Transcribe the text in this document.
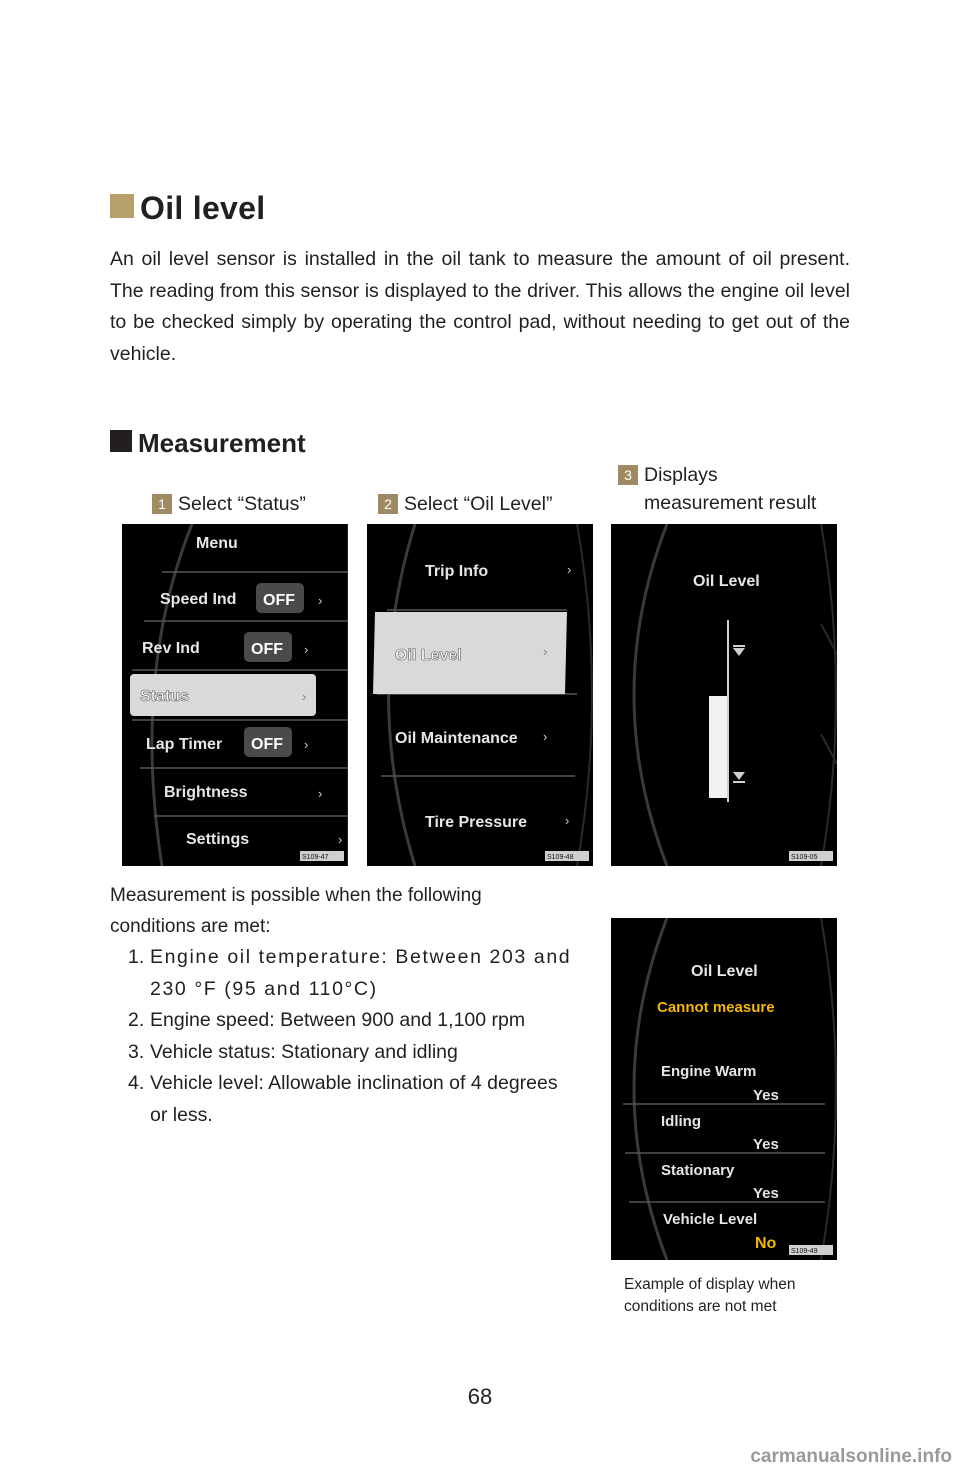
Oil level
An oil level sensor is installed in the oil tank to measure the amount of oil present. The reading from this sensor is displayed to the driver. This allows the engine oil level to be checked simply by operating the control pad, without needing to get out of the vehicle.
Measurement
1 Select “Status”	2 Select “Oil Level”
3 Displays
measurement result
Menu
Speed Ind OFF ›
Rev Ind	OFF ›
Status	›
Lap Timer OFF ›
Brightness	›
Settings	›
S109-47
Trip Info	›
Oil Level	›
Oil Maintenance ›
Tire Pressure	›
S109-48
Oil Level
S109-05
Measurement is possible when the following
conditions are met:
1. Engine oil temperature: Between 203 and 230 °F (95 and 110°C)
2. Engine speed: Between 900 and 1,100 rpm
3. Vehicle status: Stationary and idling
4. Vehicle level: Allowable inclination of 4 degrees or less.
Oil Level
Cannot measure
Engine Warm
Yes
Idling
Yes
Stationary
Yes
Vehicle Level
No S109-49
Example of display when conditions are not met
68
carmanualsonline.info
